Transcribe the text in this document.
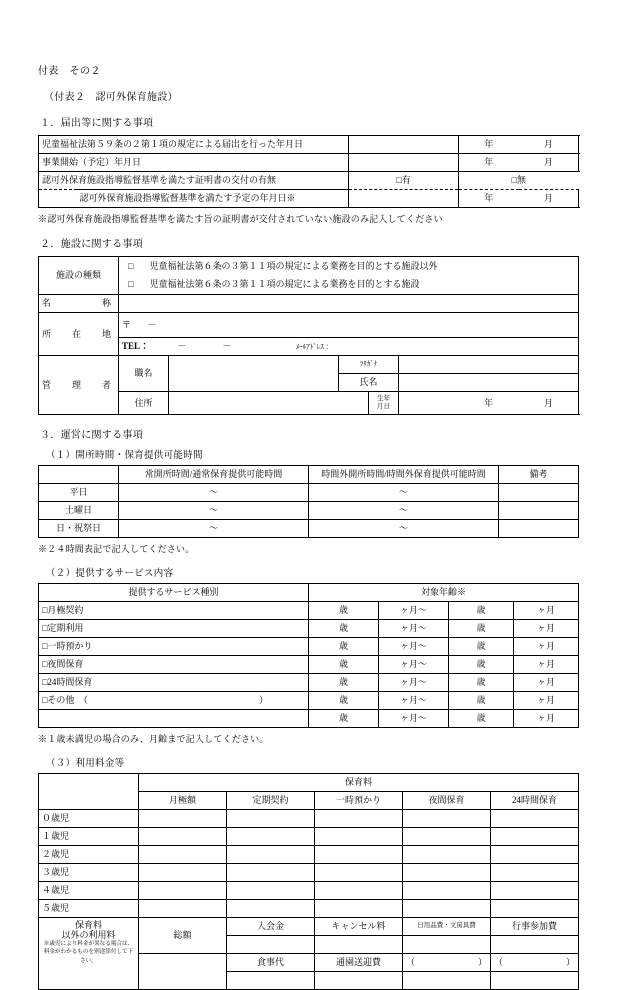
付表　その２
（付表２　認可外保育施設）
１．届出等に関する事項
児童福祉法第５９条の２第１項の規定による届出を行った年月日			年	月	
事業開始（予定）年月日			年	月	
認可外保育施設指導監督基準を満たす証明書の交付の有無		□有	□無		
	認可外保育施設指導監督基準を満たす予定の年月日※		年	月	
※認可外保育施設指導監督基準を満たす旨の証明書が交付されていない施設のみ記入してください
２．施設に関する事項
施設の種類	□ 児童福祉法第６条の３第１１項の規定による業務を目的とする施設以外							

	□ 児童福祉法第６条の３第１１項の規定による業務を目的とする施設							

名　　　称								
所　在　地	〒 －							
	TEL： － － ﾒｰﾙｱﾄﾞﾚｽ：							
管　理　者	職名		ﾌﾘｶﾞﾅ					
			氏名					
	住所			生年
月日		年	月	
３．運営に関する事項
（１）開所時間・保育提供可能時間
	常開所時間/通常保育提供可能時間	時間外開所時間/時間外保育提供可能時間	備考
平日	～	～	
土曜日	～	～	
日・祝祭日	～	～	
※２４時間表記で記入してください。
（２）提供するサービス内容
提供するサービス種別	対象年齢※			
□月極契約	歳	ヶ月～	歳	ヶ月
□定期利用	歳	ヶ月～	歳	ヶ月
□一時預かり	歳	ヶ月～	歳	ヶ月
□夜間保育	歳	ヶ月～	歳	ヶ月
□24時間保育	歳	ヶ月～	歳	ヶ月
□その他　（　　　　　　　　　　　　　　　　　　　）	歳	ヶ月～	歳	ヶ月
	歳	ヶ月～	歳	ヶ月
※１歳未満児の場合のみ、月齢まで記入してください。
（３）利用料金等
	保育料				
	月極額	定期契約	一時預かり	夜間保育	24時間保育
０歳児					
１歳児					
２歳児					
３歳児					
４歳児					
５歳児					

保育料
以外の利用料
※歳児により料金が異なる場合は、料金がわかるものを別途添付して下さい。	総額	入会金	キャンセル料	日用品費・文房具費	行事参加費

		食事代	通園送迎費	（　　　　　　　）	（　　　　　　　）
